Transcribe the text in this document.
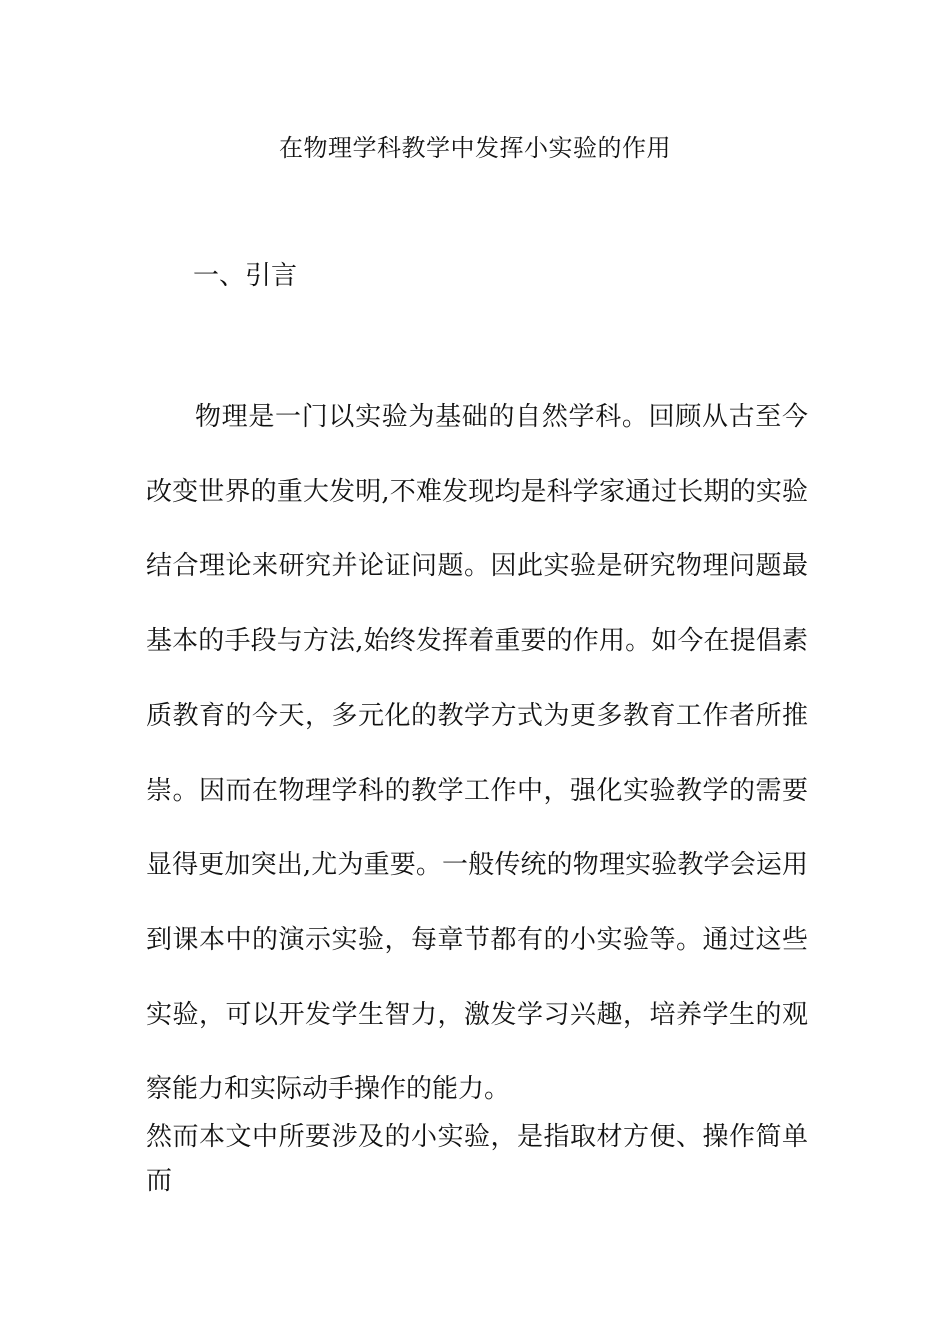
在物理学科教学中发挥小实验的作用
一、引言

物理是一门以实验为基础的自然学科。回顾从古至今改变世界的重大发明,不难发现均是科学家通过长期的实验结合理论来研究并论证问题。因此实验是研究物理问题最基本的手段与方法,始终发挥着重要的作用。如今在提倡素质教育的今天，多元化的教学方式为更多教育工作者所推崇。因而在物理学科的教学工作中，强化实验教学的需要显得更加突出,尤为重要。一般传统的物理实验教学会运用到课本中的演示实验，每章节都有的小实验等。通过这些实验，可以开发学生智力，激发学习兴趣，培养学生的观察能力和实际动手操作的能力。

然而本文中所要涉及的小实验，是指取材方便、操作简单而
